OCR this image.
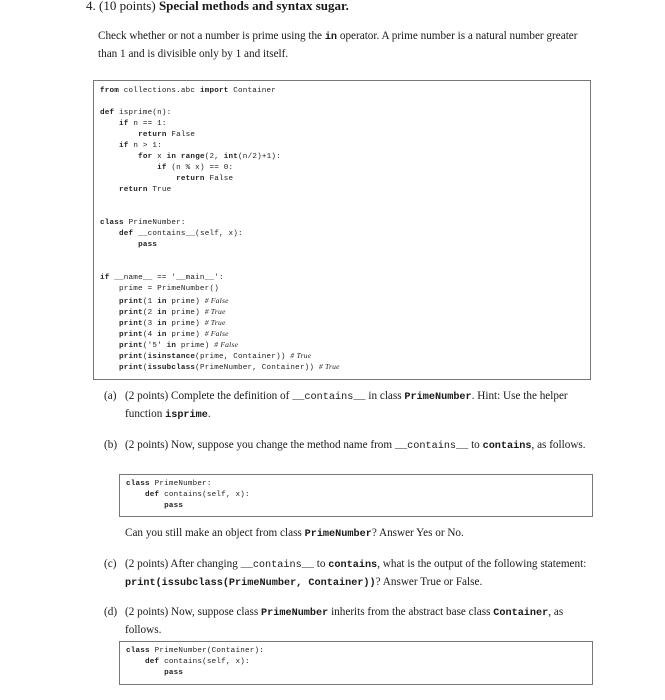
4. (10 points) Special methods and syntax sugar.
Check whether or not a number is prime using the in operator. A prime number is a natural number greater than 1 and is divisible only by 1 and itself.
from collections.abc import Container
def isprime(n):
if n == 1:
return False
if n > 1:
for x in range(2, int(n/2)+1):
if (n % x) == 0:
return False
return True
class PrimeNumber:
def __contains__(self, x):
pass
if __name__ == '__main__':
prime = PrimeNumber()
print(1 in prime) # False
print(2 in prime) # True
print(3 in prime) # True
print(4 in prime) # False
print('5' in prime) # False
print(isinstance(prime, Container)) # True
print(issubclass(PrimeNumber, Container)) # True
(a) (2 points) Complete the definition of __contains__ in class PrimeNumber. Hint: Use the helper function isprime.
(b) (2 points) Now, suppose you change the method name from __contains__ to contains, as follows.
class PrimeNumber:
def contains(self, x):
pass
Can you still make an object from class PrimeNumber? Answer Yes or No.
(c) (2 points) After changing __contains__ to contains, what is the output of the following statement: print(issubclass(PrimeNumber, Container))? Answer True or False.
(d) (2 points) Now, suppose class PrimeNumber inherits from the abstract base class Container, as follows.
class PrimeNumber(Container):
def contains(self, x):
pass
